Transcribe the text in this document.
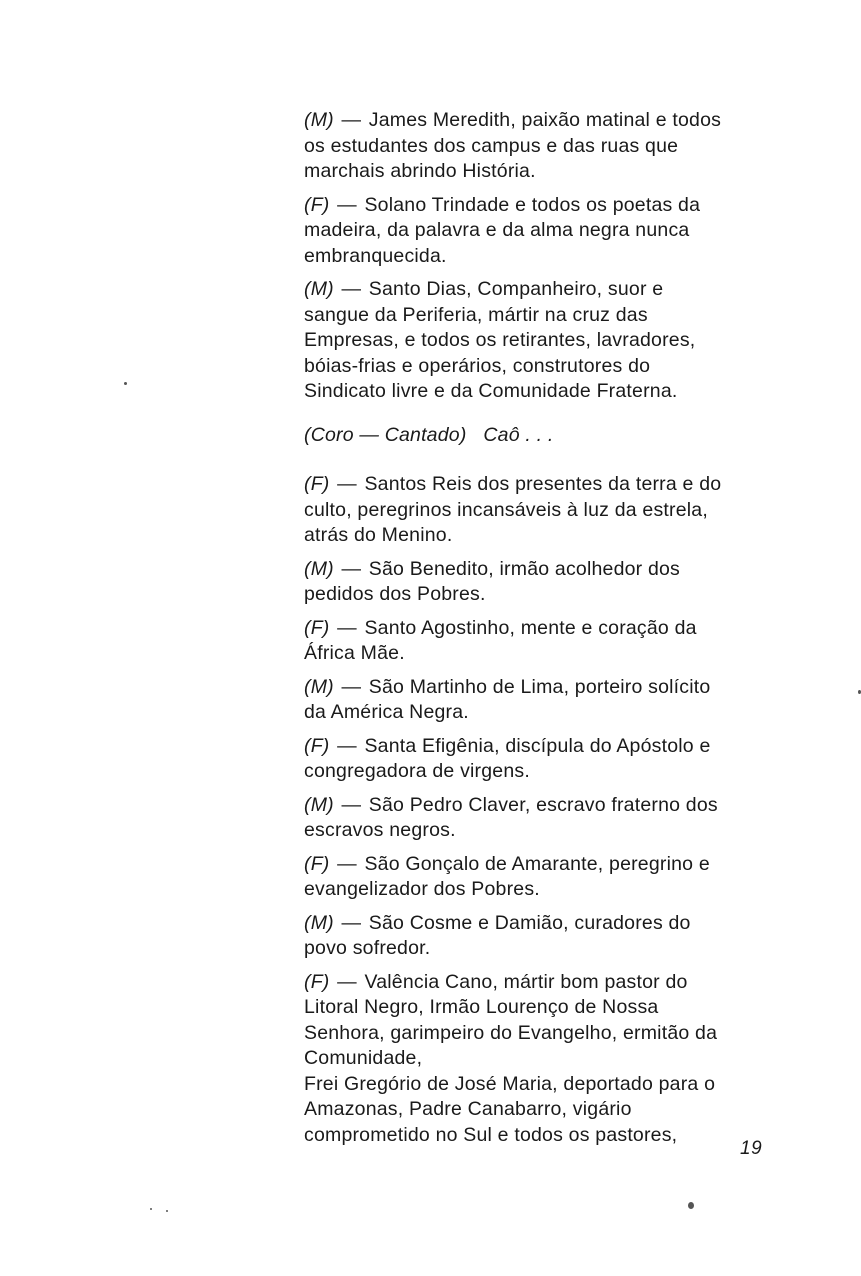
(M) — James Meredith, paixão matinal e todos os estudantes dos campus e das ruas que marchais abrindo História.

(F) — Solano Trindade e todos os poetas da madeira, da palavra e da alma negra nunca embranquecida.

(M) — Santo Dias, Companheiro, suor e sangue da Periferia, mártir na cruz das Empresas, e todos os retirantes, lavradores, bóias-frias e operários, construtores do Sindicato livre e da Comunidade Fraterna.

(Coro — Cantado) Caô . . .

(F) — Santos Reis dos presentes da terra e do culto, peregrinos incansáveis à luz da estrela, atrás do Menino.

(M) — São Benedito, irmão acolhedor dos pedidos dos Pobres.

(F) — Santo Agostinho, mente e coração da África Mãe.

(M) — São Martinho de Lima, porteiro solícito da América Negra.

(F) — Santa Efigênia, discípula do Apóstolo e congregadora de virgens.

(M) — São Pedro Claver, escravo fraterno dos escravos negros.

(F) — São Gonçalo de Amarante, peregrino e evangelizador dos Pobres.

(M) — São Cosme e Damião, curadores do povo sofredor.

(F) — Valência Cano, mártir bom pastor do Litoral Negro, Irmão Lourenço de Nossa Senhora, garimpeiro do Evangelho, ermitão da Comunidade,

Frei Gregório de José Maria, deportado para o Amazonas, Padre Canabarro, vigário comprometido no Sul e todos os pastores,

19
